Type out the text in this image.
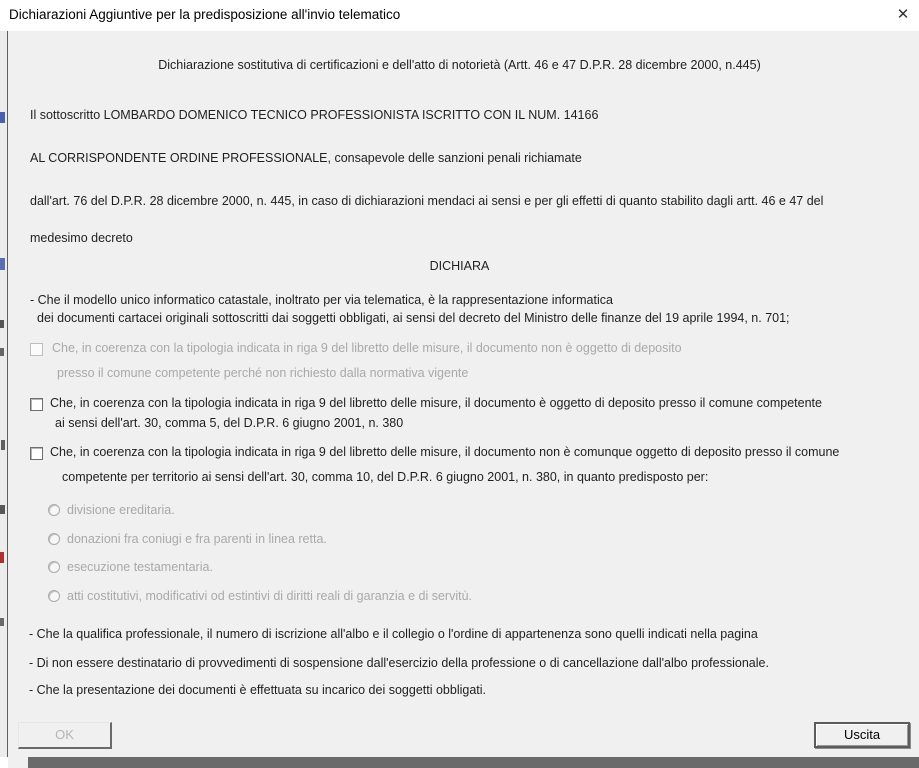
Dichiarazioni Aggiuntive per la predisposizione all'invio telematico	✕
Dichiarazione sostitutiva di certificazioni e dell'atto di notorietà (Artt. 46 e 47 D.P.R. 28 dicembre 2000, n.445)
Il sottoscritto LOMBARDO DOMENICO TECNICO PROFESSIONISTA ISCRITTO CON IL NUM. 14166
AL CORRISPONDENTE ORDINE PROFESSIONALE, consapevole delle sanzioni penali richiamate
dall'art. 76 del D.P.R. 28 dicembre 2000, n. 445, in caso di dichiarazioni mendaci ai sensi e per gli effetti di quanto stabilito dagli artt. 46 e 47 del
medesimo decreto
DICHIARA
- Che il modello unico informatico catastale, inoltrato per via telematica, è la rappresentazione informatica
dei documenti cartacei originali sottoscritti dai soggetti obbligati, ai sensi del decreto del Ministro delle finanze del 19 aprile 1994, n. 701;
Che, in coerenza con la tipologia indicata in riga 9 del libretto delle misure, il documento non è oggetto di deposito
presso il comune competente perché non richiesto dalla normativa vigente
Che, in coerenza con la tipologia indicata in riga 9 del libretto delle misure, il documento è oggetto di deposito presso il comune competente
ai sensi dell'art. 30, comma 5, del D.P.R. 6 giugno 2001, n. 380
Che, in coerenza con la tipologia indicata in riga 9 del libretto delle misure, il documento non è comunque oggetto di deposito presso il comune
competente per territorio ai sensi dell'art. 30, comma 10, del D.P.R. 6 giugno 2001, n. 380, in quanto predisposto per:
divisione ereditaria.
donazioni fra coniugi e fra parenti in linea retta.
esecuzione testamentaria.
atti costitutivi, modificativi od estintivi di diritti reali di garanzia e di servitù.
- Che la qualifica professionale, il numero di iscrizione all'albo e il collegio o l'ordine di appartenenza sono quelli indicati nella pagina
- Di non essere destinatario di provvedimenti di sospensione dall'esercizio della professione o di cancellazione dall'albo professionale.
- Che la presentazione dei documenti è effettuata su incarico dei soggetti obbligati.
OK	Uscita
